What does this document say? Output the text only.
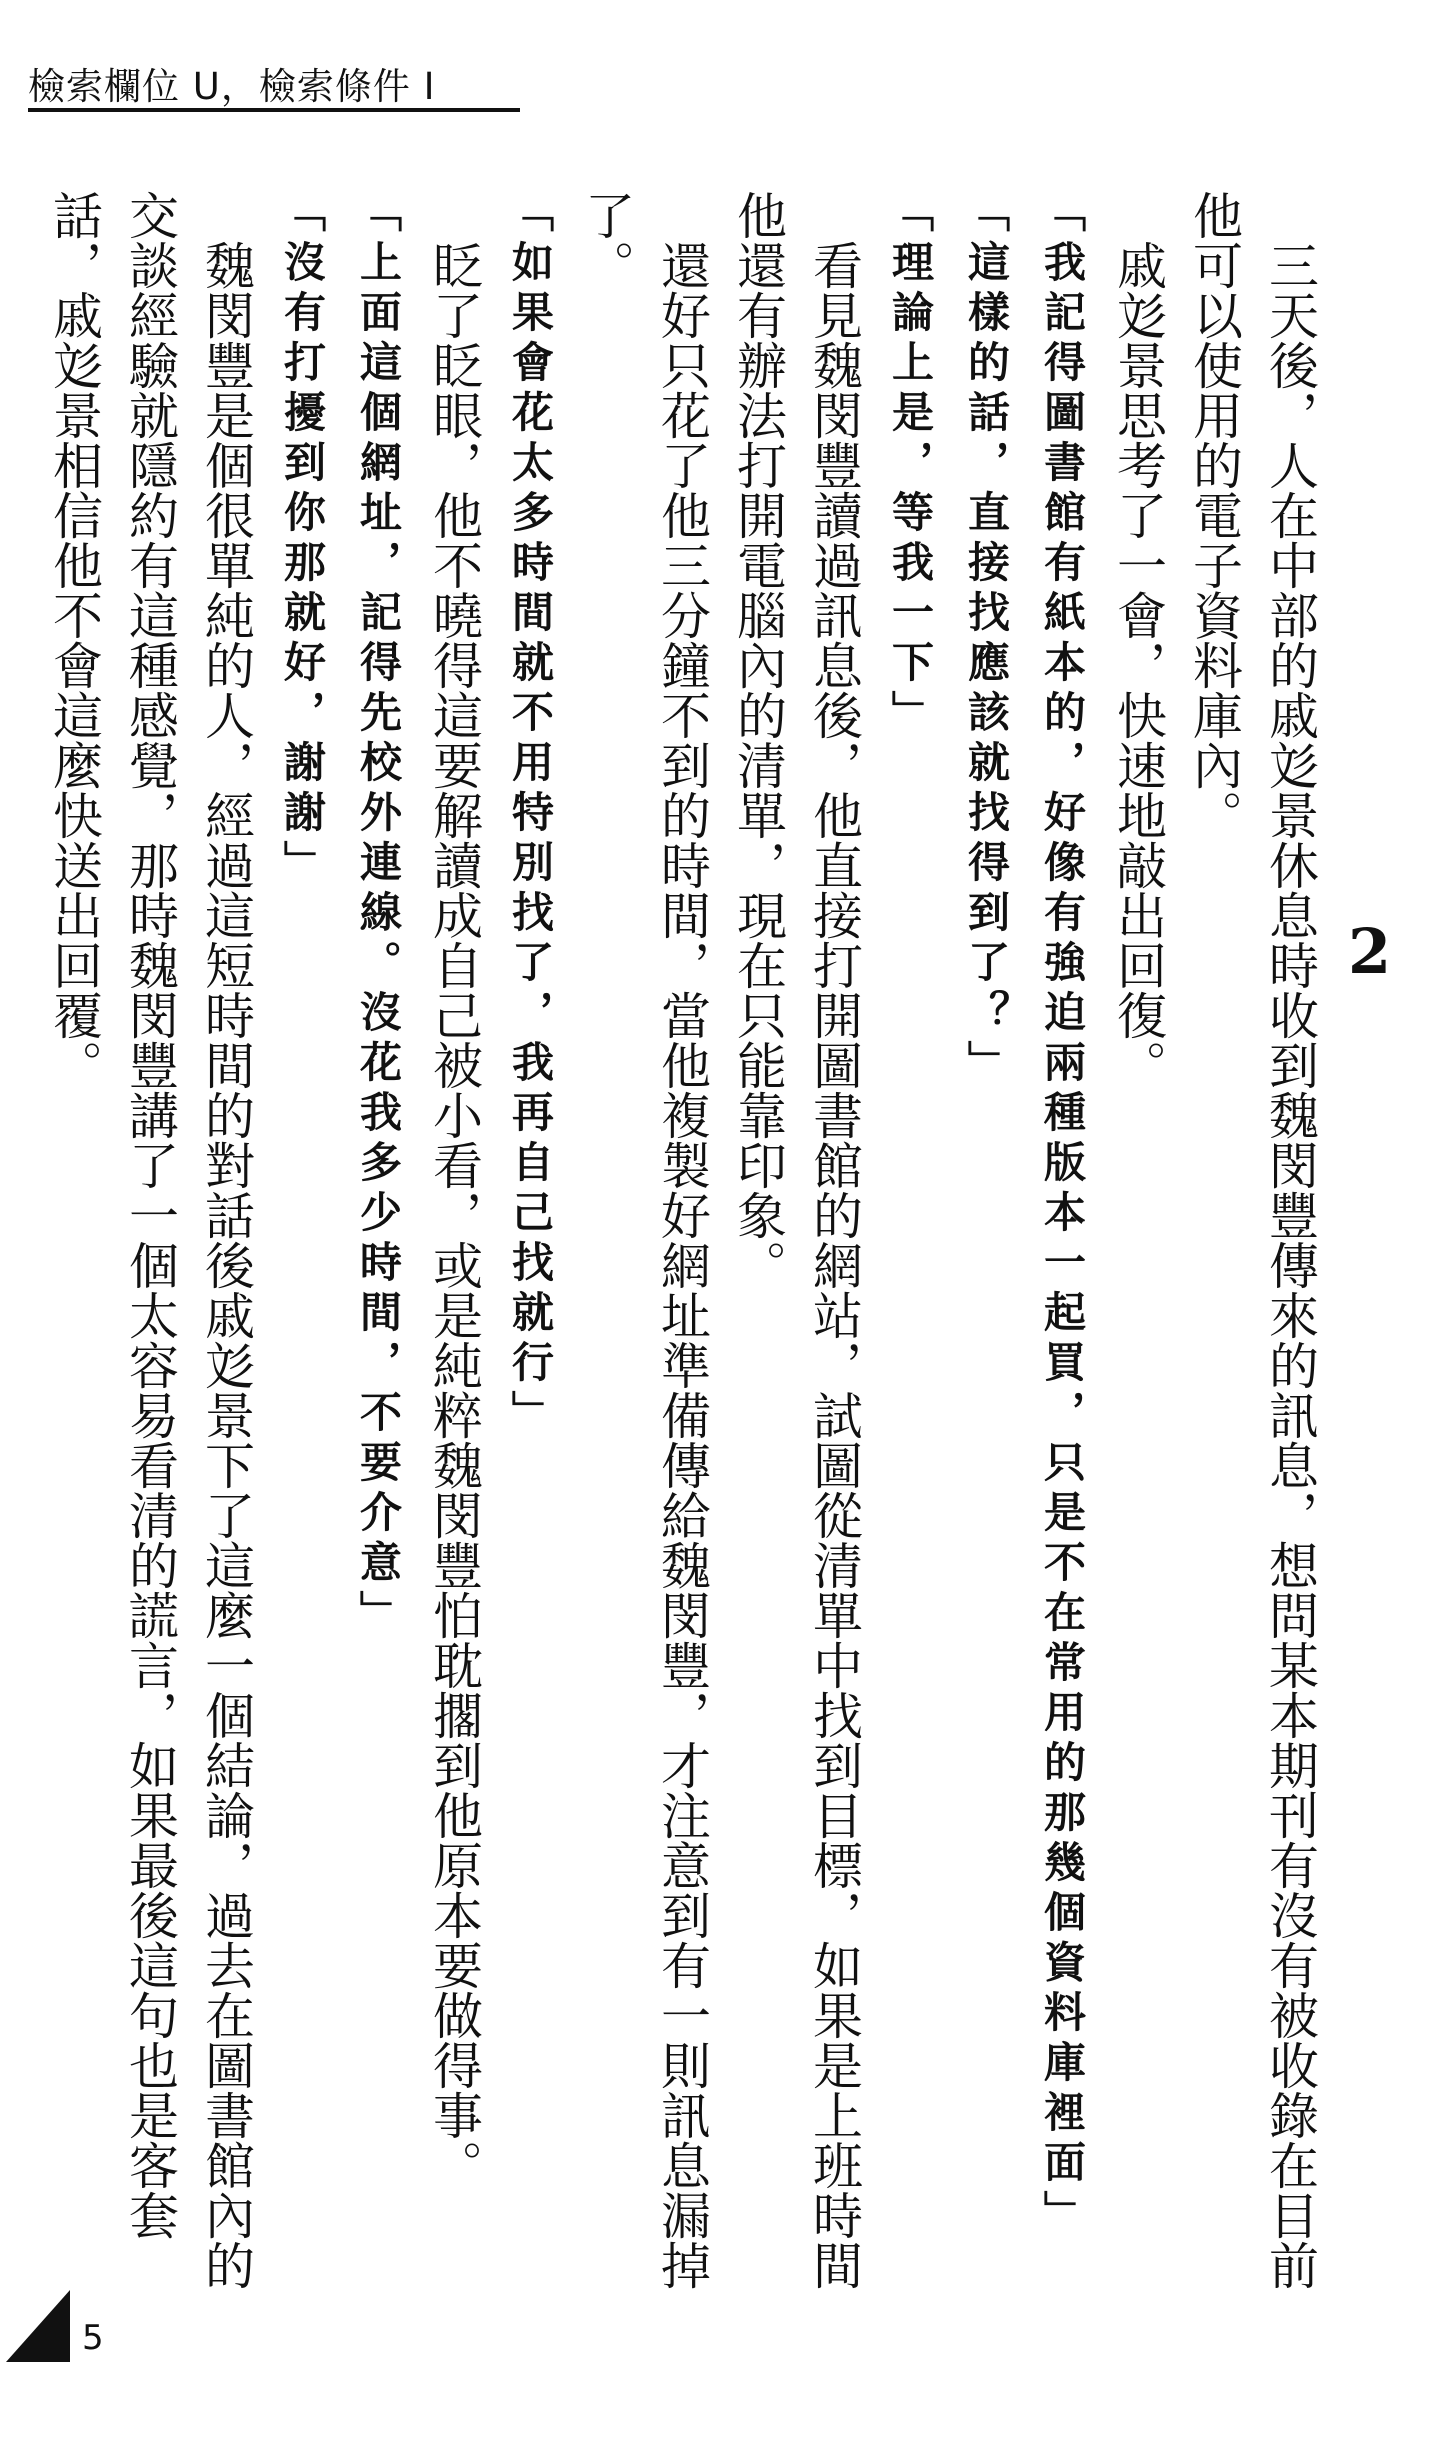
檢索欄位 U，檢索條件 I
2

三天後，人在中部的戚彣景休息時收到魏閔豐傳來的訊息，想問某本期刊有沒有被收錄在目前他可以使用的電子資料庫內。

戚彣景思考了一會，快速地敲出回復。

「我記得圖書館有紙本的，好像有強迫兩種版本一起買，只是不在常用的那幾個資料庫裡面」

「這樣的話，直接找應該就找得到了？」

「理論上是，等我一下」

看見魏閔豐讀過訊息後，他直接打開圖書館的網站，試圖從清單中找到目標，如果是上班時間他還有辦法打開電腦內的清單，現在只能靠印象。

還好只花了他三分鐘不到的時間，當他複製好網址準備傳給魏閔豐，才注意到有一則訊息漏掉了。

「如果會花太多時間就不用特別找了，我再自己找就行」

眨了眨眼，他不曉得這要解讀成自己被小看，或是純粹魏閔豐怕耽擱到他原本要做得事。

「上面這個網址，記得先校外連線。沒花我多少時間，不要介意」

「沒有打擾到你那就好，謝謝」

魏閔豐是個很單純的人，經過這短時間的對話後戚彣景下了這麼一個結論，過去在圖書館內的交談經驗就隱約有這種感覺，那時魏閔豐講了一個太容易看清的謊言，如果最後這句也是客套話，戚彣景相信他不會這麼快送出回覆。

5
